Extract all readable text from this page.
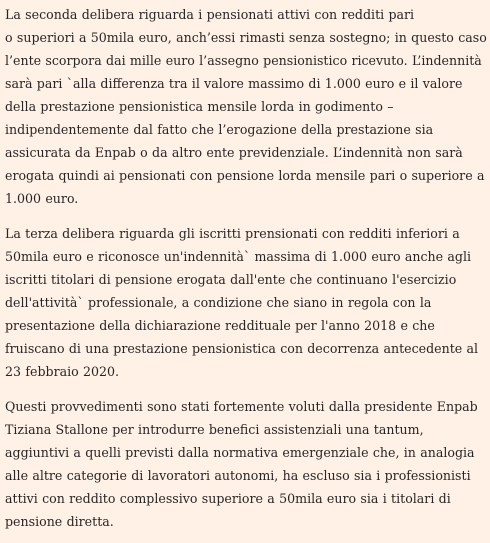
La seconda delibera riguarda i pensionati attivi con redditi pari
o superiori a 50mila euro, anch’essi rimasti senza sostegno; in questo caso
l’ente scorpora dai mille euro l’assegno pensionistico ricevuto. L’indennità
sarà pari `alla differenza tra il valore massimo di 1.000 euro e il valore
della prestazione pensionistica mensile lorda in godimento –
indipendentemente dal fatto che l’erogazione della prestazione sia
assicurata da Enpab o da altro ente previdenziale. L’indennità non sarà
erogata quindi ai pensionati con pensione lorda mensile pari o superiore a
1.000 euro.

La terza delibera riguarda gli iscritti prensionati con redditi inferiori a
50mila euro e riconosce un'indennità` massima di 1.000 euro anche agli
iscritti titolari di pensione erogata dall'ente che continuano l'esercizio
dell'attività` professionale, a condizione che siano in regola con la
presentazione della dichiarazione reddituale per l'anno 2018 e che
fruiscano di una prestazione pensionistica con decorrenza antecedente al
23 febbraio 2020.

Questi provvedimenti sono stati fortemente voluti dalla presidente Enpab
Tiziana Stallone per introdurre benefici assistenziali una tantum,
aggiuntivi a quelli previsti dalla normativa emergenziale che, in analogia
alle altre categorie di lavoratori autonomi, ha escluso sia i professionisti
attivi con reddito complessivo superiore a 50mila euro sia i titolari di
pensione diretta.
